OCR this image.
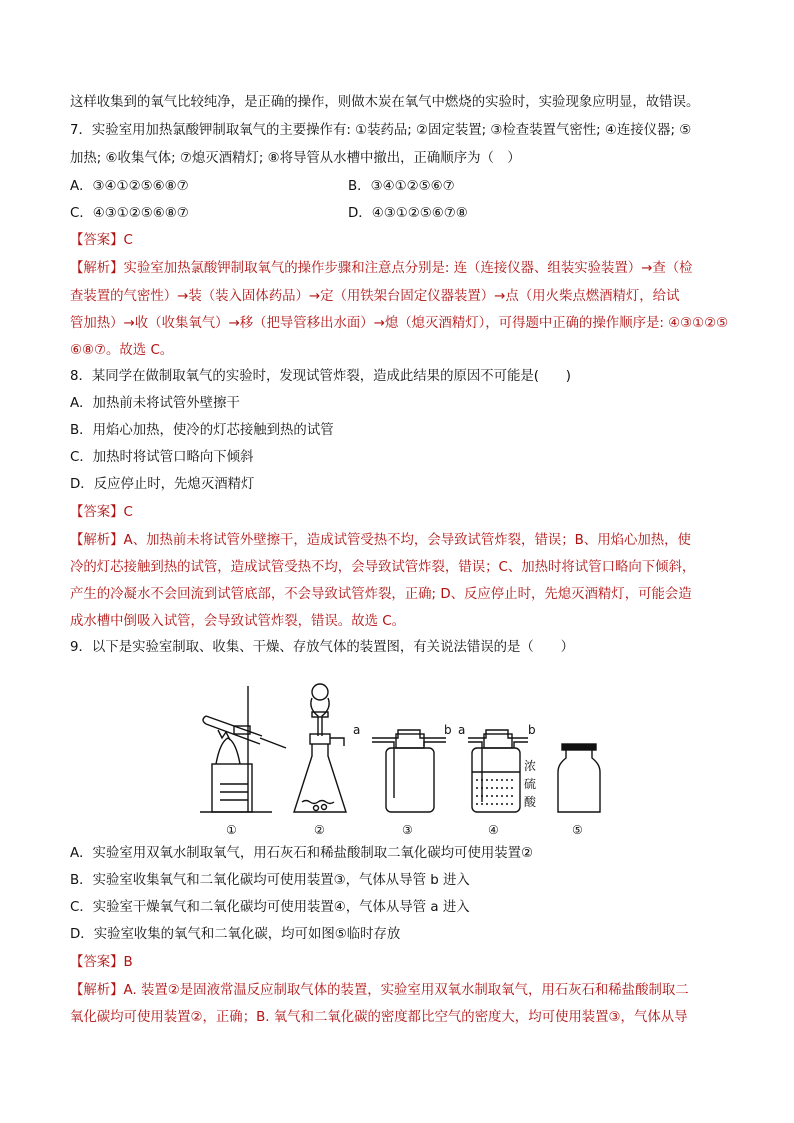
这样收集到的氧气比较纯净，是正确的操作，则做木炭在氧气中燃烧的实验时，实验现象应明显，故错误。
7．实验室用加热氯酸钾制取氧气的主要操作有: ①装药品; ②固定装置; ③检查装置气密性; ④连接仪器; ⑤
加热; ⑥收集气体; ⑦熄灭酒精灯; ⑧将导管从水槽中撤出，正确顺序为（　）
A．③④①②⑤⑥⑧⑦	B．③④①②⑤⑥⑦
C．④③①②⑤⑥⑧⑦	D．④③①②⑤⑥⑦⑧
【答案】C
【解析】实验室加热氯酸钾制取氧气的操作步骤和注意点分别是: 连（连接仪器、组装实验装置）→查（检
查装置的气密性）→装（装入固体药品）→定（用铁架台固定仪器装置）→点（用火柴点燃酒精灯，给试
管加热）→收（收集氧气）→移（把导管移出水面）→熄（熄灭酒精灯），可得题中正确的操作顺序是: ④③①②⑤
⑥⑧⑦。故选 C。
8．某同学在做制取氧气的实验时，发现试管炸裂，造成此结果的原因不可能是(　　)
A．加热前未将试管外壁擦干
B．用焰心加热，使冷的灯芯接触到热的试管
C．加热时将试管口略向下倾斜
D．反应停止时，先熄灭酒精灯
【答案】C
【解析】A、加热前未将试管外壁擦干，造成试管受热不均，会导致试管炸裂，错误；B、用焰心加热，使
冷的灯芯接触到热的试管，造成试管受热不均，会导致试管炸裂，错误；C、加热时将试管口略向下倾斜，
产生的冷凝水不会回流到试管底部，不会导致试管炸裂，正确; D、反应停止时，先熄灭酒精灯，可能会造
成水槽中倒吸入试管，会导致试管炸裂，错误。故选 C。
9．以下是实验室制取、收集、干燥、存放气体的装置图，有关说法错误的是（　　）
a	b a	b
浓
硫
酸
①	②	③	④	⑤
A．实验室用双氧水制取氧气，用石灰石和稀盐酸制取二氧化碳均可使用装置②
B．实验室收集氧气和二氧化碳均可使用装置③，气体从导管 b 进入
C．实验室干燥氧气和二氧化碳均可使用装置④，气体从导管 a 进入
D．实验室收集的氧气和二氧化碳，均可如图⑤临时存放
【答案】B
【解析】A. 装置②是固液常温反应制取气体的装置，实验室用双氧水制取氧气，用石灰石和稀盐酸制取二
氧化碳均可使用装置②，正确；B. 氧气和二氧化碳的密度都比空气的密度大，均可使用装置③，气体从导
